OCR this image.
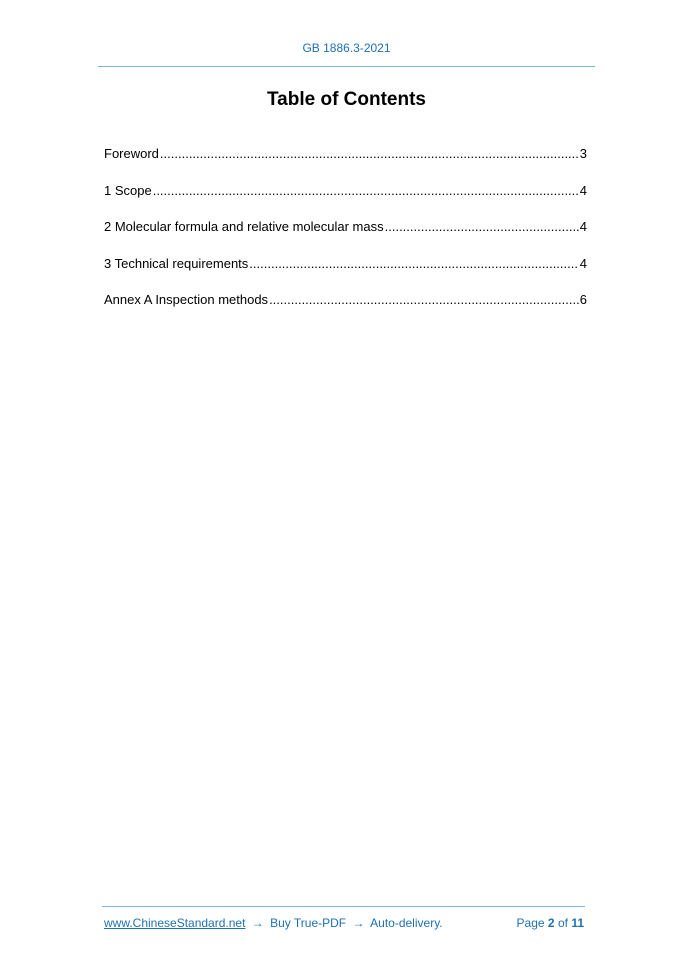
GB 1886.3-2021
Table of Contents
Foreword .....	3
1 Scope .....	4
2 Molecular formula and relative molecular mass .....	4
3 Technical requirements .....	4
Annex A Inspection methods .....	6
www.ChineseStandard.net → Buy True-PDF → Auto-delivery.	Page 2 of 11
